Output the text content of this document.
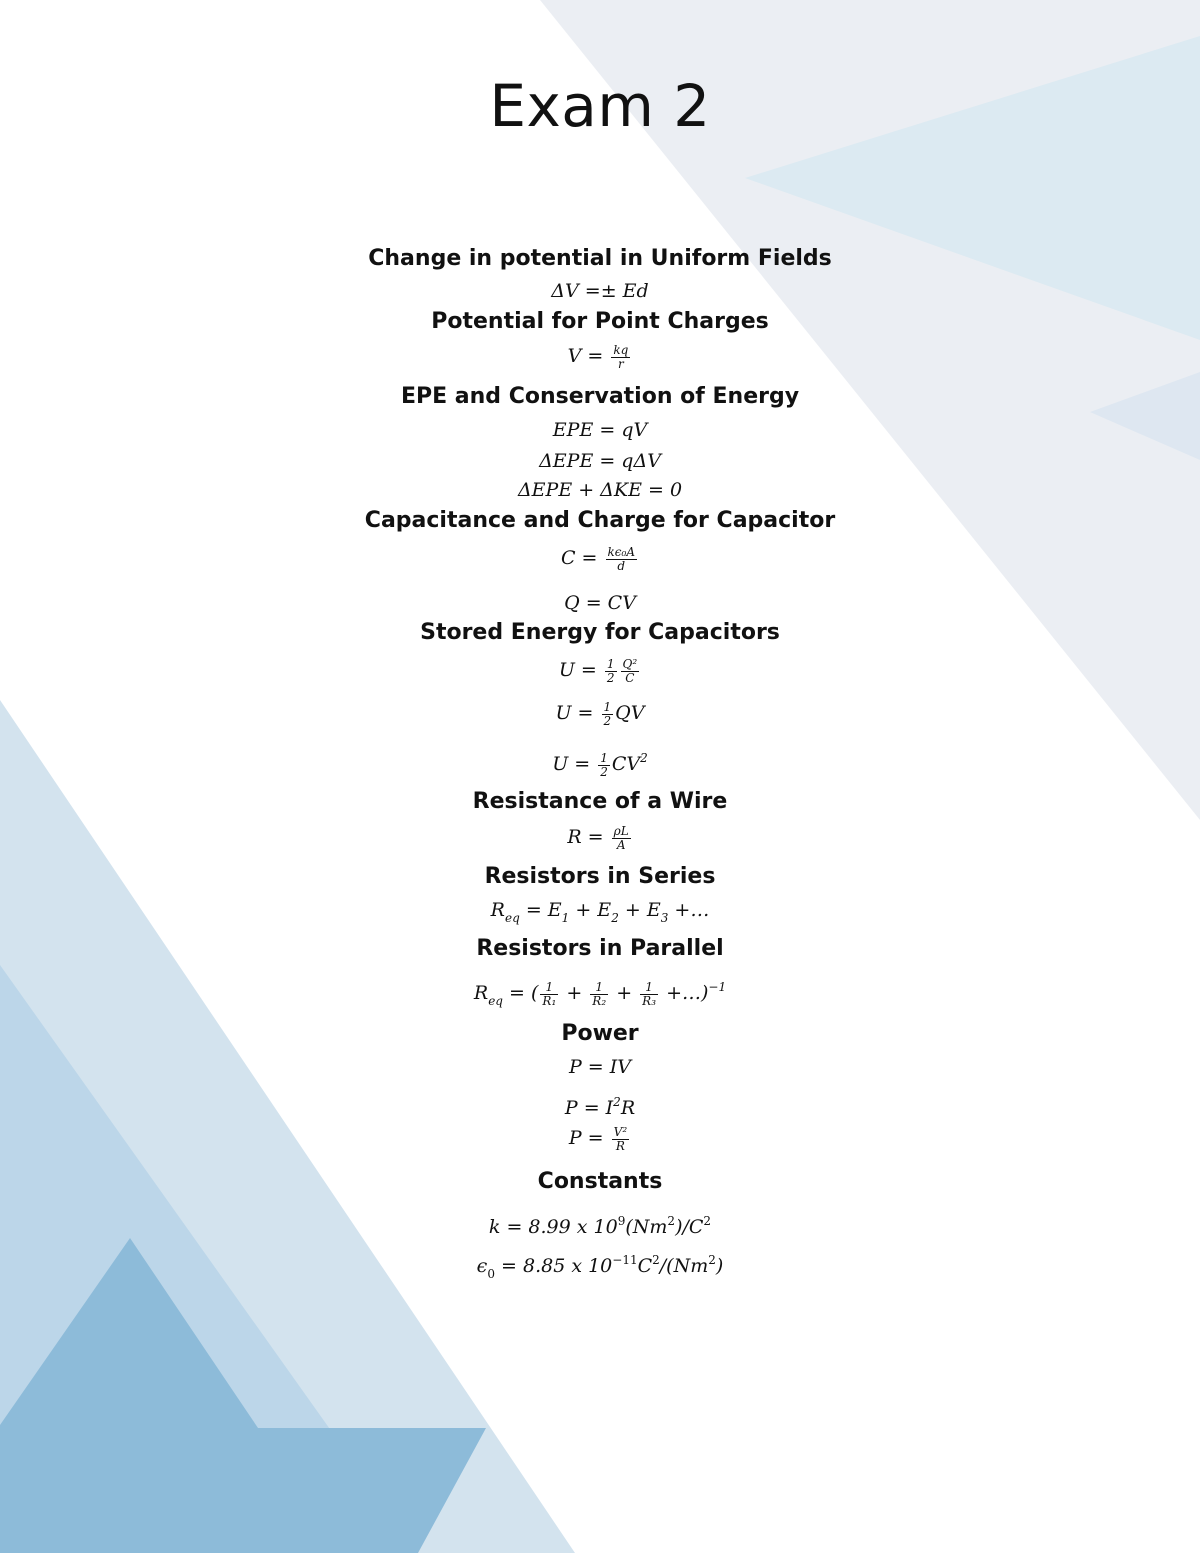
Exam 2
Change in potential in Uniform Fields
ΔV =± Ed
Potential for Point Charges
$V = \frac{kq}{r}$
EPE and Conservation of Energy
EPE = qV
ΔEPE = qΔV
ΔEPE + ΔKE = 0
Capacitance and Charge for Capacitor
$C = \frac{\text{kϵ₀A}}{d}$
Q = CV
Stored Energy for Capacitors
$U = \frac{1}{2} \frac{\text{Q²}}{C}$
$U = \frac{1}{2}$ QV
$U = \frac{1}{2} CV^2$
Resistance of a Wire
$R = \frac{\rho L}{A}$
Resistors in Series
$R_{eq} = E_1 + E_2 + E_3$ +…
Resistors in Parallel
$R_{eq}$ = ( $\frac{1}{\text{R₁}} + \frac{1}{\text{R₂}} + \frac{1}{\text{R₃}}$ +…)$^{-1}$
Power
P = IV
$P = I^2R$
$P = \frac{\text{V²}}{R}$
Constants
k = 8.99 x $10^9(Nm^2)/C^2$
$\epsilon_0 = 8.85$ x $10^{-11}C^2/(Nm^2)$
